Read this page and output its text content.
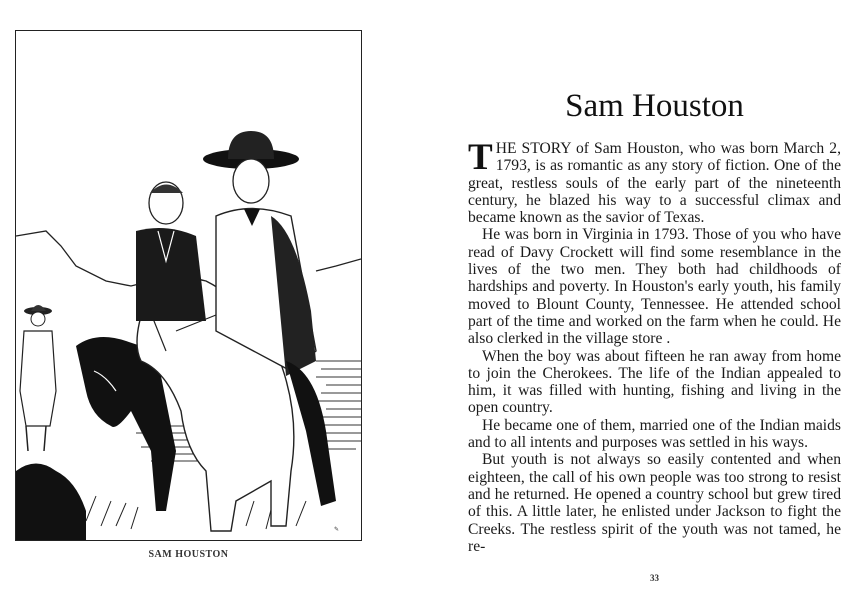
✎
SAM HOUSTON
Sam Houston

THE STORY of Sam Houston, who was born March 2, 1793, is as romantic as any story of fiction. One of the great, restless souls of the early part of the nineteenth century, he blazed his way to a successful climax and became known as the savior of Texas.

He was born in Virginia in 1793. Those of you who have read of Davy Crockett will find some resemblance in the lives of the two men. They both had childhoods of hardships and poverty. In Houston's early youth, his family moved to Blount County, Tennessee. He attended school part of the time and worked on the farm when he could. He also clerked in the village store .

When the boy was about fifteen he ran away from home to join the Cherokees. The life of the Indian appealed to him, it was filled with hunting, fishing and living in the open country.

He became one of them, married one of the Indian maids and to all intents and purposes was settled in his ways.

But youth is not always so easily contented and when eighteen, the call of his own people was too strong to resist and he returned. He opened a country school but grew tired of this. A little later, he enlisted under Jackson to fight the Creeks. The restless spirit of the youth was not tamed, he re-

33
